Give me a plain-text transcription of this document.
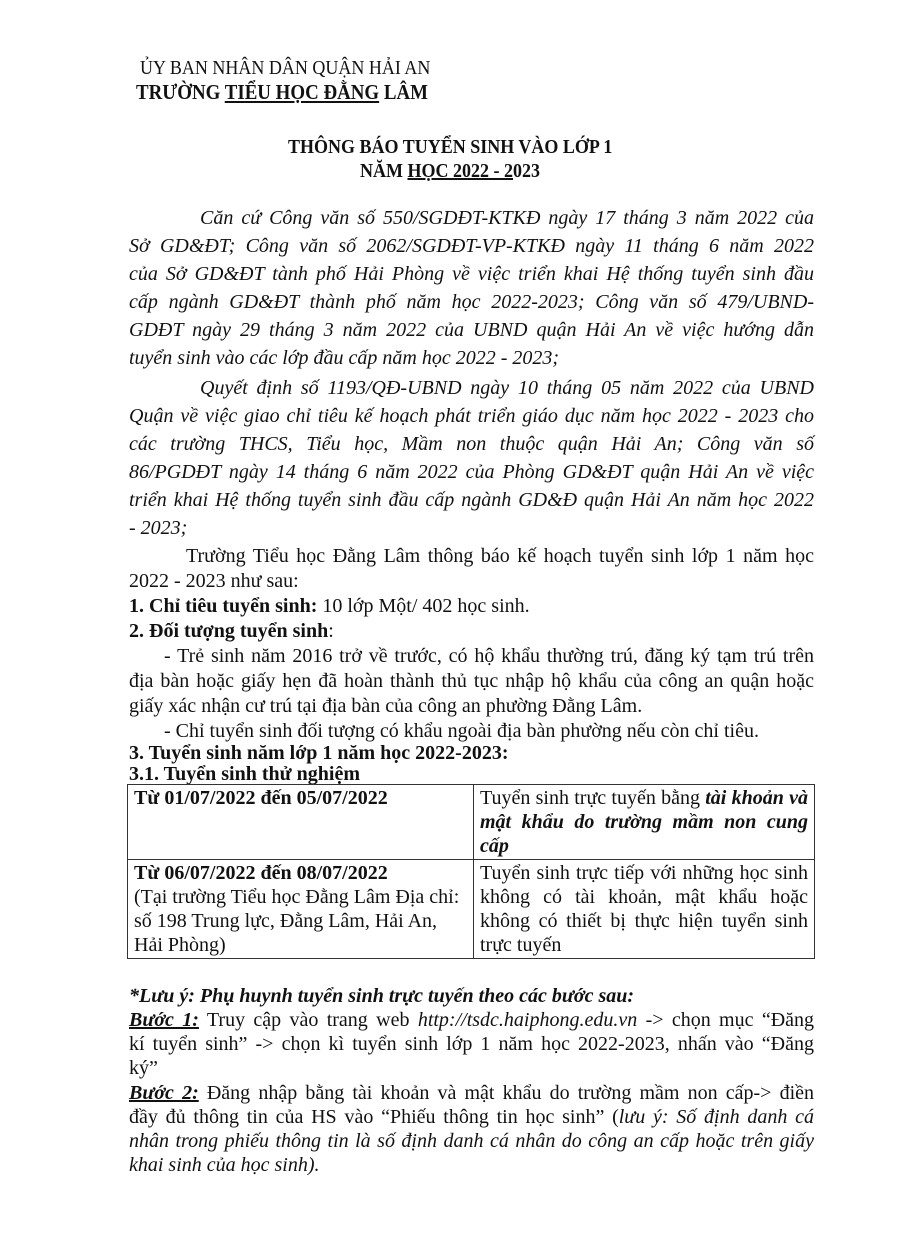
ỦY BAN NHÂN DÂN QUẬN HẢI AN
TRƯỜNG TIỂU HỌC ĐẰNG LÂM
THÔNG BÁO TUYỂN SINH VÀO LỚP 1
NĂM HỌC 2022 - 2023
Căn cứ Công văn số 550/SGDĐT-KTKĐ ngày 17 tháng 3 năm 2022 của
Sở GD&ĐT; Công văn số 2062/SGDĐT-VP-KTKĐ ngày 11 tháng 6 năm 2022
của Sở GD&ĐT tành phố Hải Phòng về việc triển khai Hệ thống tuyển sinh đầu
cấp ngành GD&ĐT thành phố năm học 2022-2023; Công văn số 479/UBND-
GDĐT ngày 29 tháng 3 năm 2022 của UBND quận Hải An về việc hướng dẫn
tuyển sinh vào các lớp đầu cấp năm học 2022 - 2023;
Quyết định số 1193/QĐ-UBND ngày 10 tháng 05 năm 2022 của UBND
Quận về việc giao chỉ tiêu kế hoạch phát triển giáo dục năm học 2022 - 2023 cho
các trường THCS, Tiểu học, Mầm non thuộc quận Hải An; Công văn số
86/PGDĐT ngày 14 tháng 6 năm 2022 của Phòng GD&ĐT quận Hải An về việc
triển khai Hệ thống tuyển sinh đầu cấp ngành GD&Đ quận Hải An năm học 2022
- 2023;
Trường Tiểu học Đằng Lâm thông báo kế hoạch tuyển sinh lớp 1 năm học
2022 - 2023 như sau:
1. Chỉ tiêu tuyển sinh: 10 lớp Một/ 402 học sinh.
2. Đối tượng tuyển sinh:
- Trẻ sinh năm 2016 trở về trước, có hộ khẩu thường trú, đăng ký tạm trú trên
địa bàn hoặc giấy hẹn đã hoàn thành thủ tục nhập hộ khẩu của công an quận hoặc
giấy xác nhận cư trú tại địa bàn của công an phường Đằng Lâm.
- Chỉ tuyển sinh đối tượng có khẩu ngoài địa bàn phường nếu còn chỉ tiêu.
3. Tuyển sinh năm lớp 1 năm học 2022-2023:
3.1. Tuyển sinh thử nghiệm
Từ 01/07/2022 đến 05/07/2022	Tuyển sinh trực tuyến bằng tài khoản và mật khẩu do trường mầm non cung cấp
Từ 06/07/2022 đến 08/07/2022
(Tại trường Tiểu học Đằng Lâm Địa chỉ: số 198 Trung lực, Đằng Lâm, Hải An, Hải Phòng)	Tuyển sinh trực tiếp với những học sinh không có tài khoản, mật khẩu hoặc không có thiết bị thực hiện tuyển sinh trực tuyến
*Lưu ý: Phụ huynh tuyển sinh trực tuyến theo các bước sau:
Bước 1: Truy cập vào trang web http://tsdc.haiphong.edu.vn -> chọn mục “Đăng
kí tuyển sinh” -> chọn kì tuyển sinh lớp 1 năm học 2022-2023, nhấn vào “Đăng
ký”
Bước 2: Đăng nhập bằng tài khoản và mật khẩu do trường mầm non cấp-> điền
đầy đủ thông tin của HS vào “Phiếu thông tin học sinh” (lưu ý: Số định danh cá
nhân trong phiếu thông tin là số định danh cá nhân do công an cấp hoặc trên giấy
khai sinh của học sinh).
